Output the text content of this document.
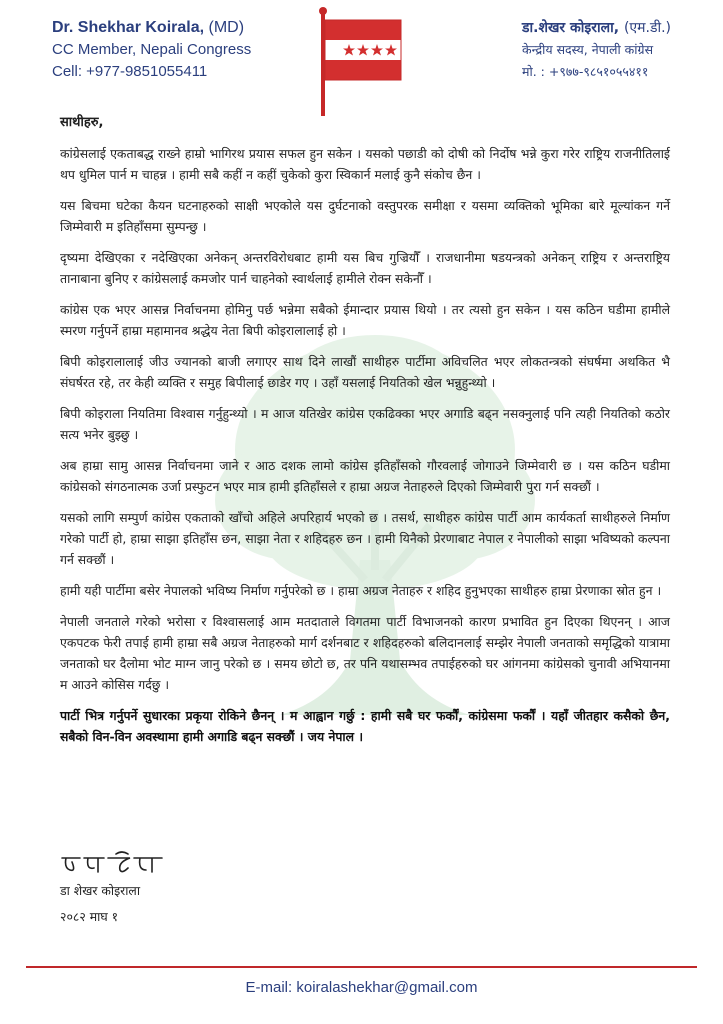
Dr. Shekhar Koirala, (MD)
CC Member, Nepali Congress
Cell: +977-9851055411
डा.शेखर कोइराला, (एम.डी.)
केन्द्रीय सदस्य, नेपाली कांग्रेस
मो. : +९७७-९८५१०५५४११

साथीहरु,

कांग्रेसलाई एकताबद्ध राख्ने हाम्रो भागिरथ प्रयास सफल हुन सकेन । यसको पछाडी को दोषी को निर्दोष भन्ने कुरा गरेर राष्ट्रिय राजनीतिलाई थप धुमिल पार्न म चाहन्न । हामी सबै कहीं न कहीं चुकेको कुरा स्विकार्न मलाई कुनै संकोच छैन ।

यस बिचमा घटेका कैयन घटनाहरुको साक्षी भएकोले यस दुर्घटनाको वस्तुपरक समीक्षा र यसमा व्यक्तिको भूमिका बारे मूल्यांकन गर्ने जिम्मेवारी म इतिहाँसमा सुम्पन्छु ।

दृष्यमा देखिएका र नदेखिएका अनेकन् अन्तरविरोधबाट हामी यस बिच गुज्रियौँ । राजधानीमा षडयन्त्रको अनेकन् राष्ट्रिय र अन्तराष्ट्रिय तानाबाना बुनिए र कांग्रेसलाई कमजोर पार्न चाहनेको स्वार्थलाई हामीले रोक्न सकेनौँ ।

कांग्रेस एक भएर आसन्न निर्वाचनमा होमिनु पर्छ भन्नेमा सबैको ईमान्दार प्रयास थियो । तर त्यसो हुन सकेन । यस कठिन घडीमा हामीले स्मरण गर्नुपर्ने हाम्रा महामानव श्रद्धेय नेता बिपी कोइरालालाई हो ।

बिपी कोइरालालाई जीउ ज्यानको बाजी लगाएर साथ दिने लाखौं साथीहरु पार्टीमा अविचलित भएर लोकतन्त्रको संघर्षमा अथकित भै संघर्षरत रहे, तर केही व्यक्ति र समुह बिपीलाई छाडेर गए । उहाँ यसलाई नियतिको खेल भन्नुहुन्थ्यो ।

बिपी कोइराला नियतिमा विश्वास गर्नुहुन्थ्यो । म आज यतिखेर कांग्रेस एकढिक्का भएर अगाडि बढ्न नसक्नुलाई पनि त्यही नियतिको कठोर सत्य भनेर बुझ्छु ।

अब हाम्रा सामु आसन्न निर्वाचनमा जाने र आठ दशक लामो कांग्रेस इतिहाँसको गौरवलाई जोगाउने जिम्मेवारी छ । यस कठिन घडीमा कांग्रेसको संगठनात्मक उर्जा प्रस्फुटन भएर मात्र हामी इतिहाँसले र हाम्रा अग्रज नेताहरुले दिएको जिम्मेवारी पुरा गर्न सक्छौं ।

यसको लागि सम्पुर्ण कांग्रेस एकताको खाँचो अहिले अपरिहार्य भएको छ । तसर्थ, साथीहरु कांग्रेस पार्टी आम कार्यकर्ता साथीहरुले निर्माण गरेको पार्टी हो, हाम्रा साझा इतिहाँस छन, साझा नेता र शहिदहरु छन । हामी यिनैको प्रेरणाबाट नेपाल र नेपालीको साझा भविष्यको कल्पना गर्न सक्छौं ।

हामी यही पार्टीमा बसेर नेपालको भविष्य निर्माण गर्नुपरेको छ । हाम्रा अग्रज नेताहरु र शहिद हुनुभएका साथीहरु हाम्रा प्रेरणाका स्रोत हुन ।

नेपाली जनताले गरेको भरोसा र विश्वासलाई आम मतदाताले विगतमा पार्टी विभाजनको कारण प्रभावित हुन दिएका थिएनन् । आज एकपटक फेरी तपाई हामी हाम्रा सबै अग्रज नेताहरुको मार्ग दर्शनबाट र शहिदहरुको बलिदानलाई सम्झेर नेपाली जनताको समृद्धिको यात्रामा जनताको घर दैलोमा भोट माग्न जानु परेको छ । समय छोटो छ, तर पनि यथासम्भव तपाईहरुको घर आंगनमा कांग्रेसको चुनावी अभियानमा म आउने कोसिस गर्दछु ।

पार्टी भित्र गर्नुपर्ने सुधारका प्रकृया रोकिने छैनन् । म आह्वान गर्छु : हामी सबै घर फर्कौं, कांग्रेसमा फर्कौं । यहाँ जीतहार कसैको छैन, सबैको विन-विन अवस्थामा हामी अगाडि बढ्न सक्छौं । जय नेपाल ।

डा शेखर कोइराला
२०८२ माघ १
E-mail: koiralashekhar@gmail.com
